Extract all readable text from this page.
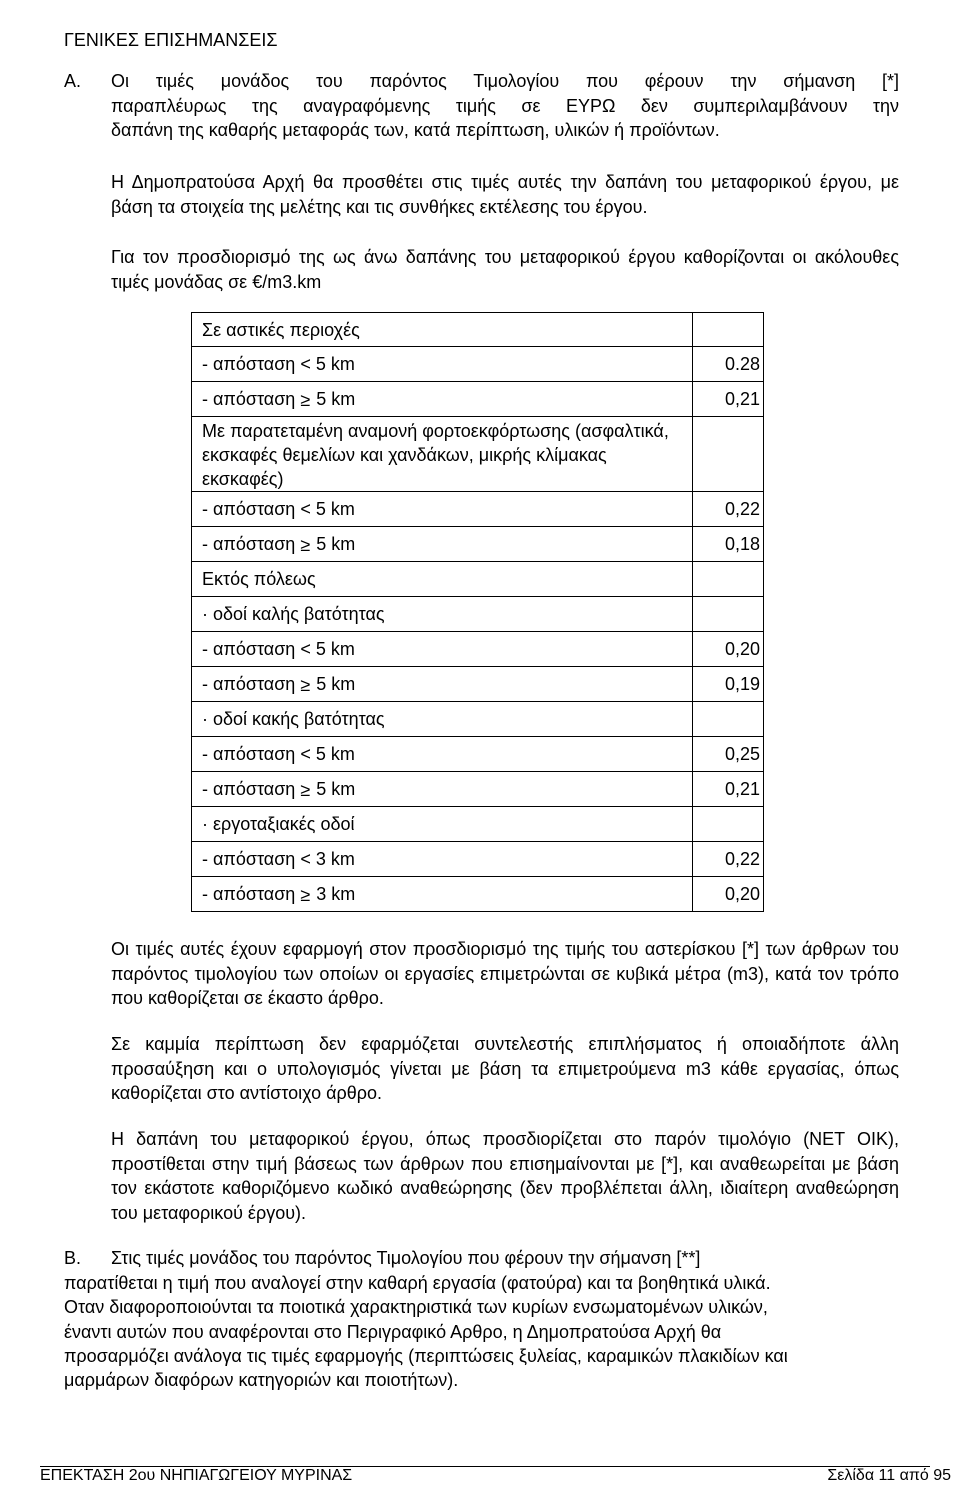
ΓΕΝΙΚΕΣ ΕΠΙΣΗΜΑΝΣΕΙΣ
Α. Οι τιμές μονάδος του παρόντος Τιμολογίου που φέρουν την σήμανση [*]
παραπλέυρως της αναγραφόμενης τιμής σε ΕΥΡΩ δεν συμπεριλαμβάνουν την
δαπάνη της καθαρής μεταφοράς των, κατά περίπτωση, υλικών ή προϊόντων.
Η Δημοπρατούσα Αρχή θα προσθέτει στις τιμές αυτές την δαπάνη του μεταφορικού έργου, με βάση τα στοιχεία της μελέτης και τις συνθήκες εκτέλεσης του έργου.
Για τον προσδιορισμό της ως άνω δαπάνης του μεταφορικού έργου καθορίζονται οι ακόλουθες τιμές μονάδας σε €/m3.km
Σε αστικές περιοχές	
- απόσταση < 5 km	0.28
- απόσταση ≥ 5 km	0,21
Με παρατεταμένη αναμονή φορτοεκφόρτωσης (ασφαλτικά, εκσκαφές θεμελίων και χανδάκων, μικρής κλίμακας εκσκαφές)	
- απόσταση < 5 km	0,22
- απόσταση ≥ 5 km	0,18
Εκτός πόλεως	
· οδοί καλής βατότητας	
- απόσταση < 5 km	0,20
- απόσταση ≥ 5 km	0,19
· οδοί κακής βατότητας	
- απόσταση < 5 km	0,25
- απόσταση ≥ 5 km	0,21
· εργοταξιακές οδοί	
- απόσταση < 3 km	0,22
- απόσταση ≥ 3 km	0,20
Οι τιμές αυτές έχουν εφαρμογή στον προσδιορισμό της τιμής του αστερίσκου [*] των άρθρων του παρόντος τιμολογίου των οποίων οι εργασίες επιμετρώνται σε κυβικά μέτρα (m3), κατά τον τρόπο που καθορίζεται σε έκαστο άρθρο.
Σε καμμία περίπτωση δεν εφαρμόζεται συντελεστής επιπλήσματος ή οποιαδήποτε άλλη προσαύξηση και ο υπολογισμός γίνεται με βάση τα επιμετρούμενα m3 κάθε εργασίας, όπως καθορίζεται στο αντίστοιχο άρθρο.
Η δαπάνη του μεταφορικού έργου, όπως προσδιορίζεται στο παρόν τιμολόγιο (ΝΕΤ ΟΙΚ), προστίθεται στην τιμή βάσεως των άρθρων που επισημαίνονται με [*], και αναθεωρείται με βάση τον εκάστοτε καθοριζόμενο κωδικό αναθεώρησης (δεν προβλέπεται άλλη, ιδιαίτερη αναθεώρηση του μεταφορικού έργου).
Β. Στις τιμές μονάδος του παρόντος Τιμολογίου που φέρουν την σήμανση [**]
παρατίθεται η τιμή που αναλογεί στην καθαρή εργασία (φατούρα) και τα βοηθητικά υλικά.
Οταν διαφοροποιούνται τα ποιοτικά χαρακτηριστικά των κυρίων ενσωματομένων υλικών,
έναντι αυτών που αναφέρονται στο Περιγραφικό Αρθρο, η Δημοπρατούσα Αρχή θα
προσαρμόζει ανάλογα τις τιμές εφαρμογής (περιπτώσεις ξυλείας, καραμικών πλακιδίων και
μαρμάρων διαφόρων κατηγοριών και ποιοτήτων).
ΕΠΕΚΤΑΣΗ 2ου ΝΗΠΙΑΓΩΓΕΙΟΥ ΜΥΡΙΝΑΣ	Σελίδα 11 από 95
